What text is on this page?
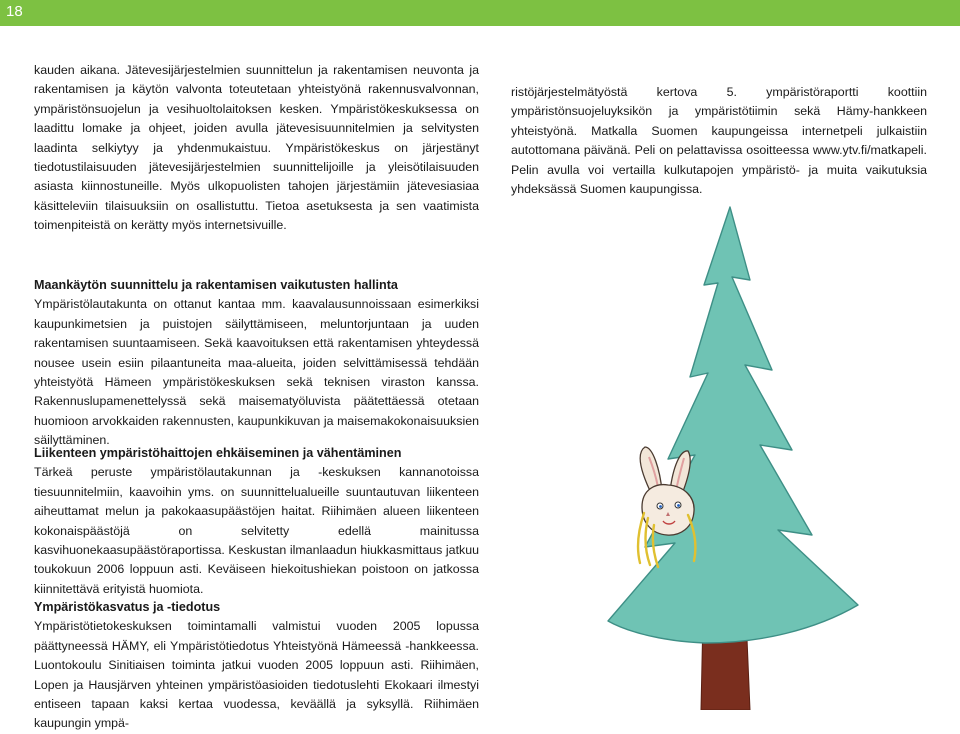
18

kauden aikana. Jätevesijärjestelmien suunnittelun ja rakentamisen neuvonta ja rakentamisen ja käytön valvonta toteutetaan yhteistyönä rakennusvalvonnan, ympäristönsuojelun ja vesihuoltolaitoksen kesken. Ympäristökeskuksessa on laadittu lomake ja ohjeet, joiden avulla jätevesisuunnitelmien ja selvitysten laadinta selkiytyy ja yhdenmukaistuu. Ympäristökeskus on järjestänyt tiedotustilaisuuden jätevesijärjestelmien suunnittelijoille ja yleisötilaisuuden asiasta kiinnostuneille. Myös ulkopuolisten tahojen järjestämiin jätevesiasiaa käsitteleviin tilaisuuksiin on osallistuttu. Tietoa asetuksesta ja sen vaatimista toimenpiteistä on kerätty myös internetsivuille.

Maankäytön suunnittelu ja rakentamisen vaikutusten hallinta

Ympäristölautakunta on ottanut kantaa mm. kaavalausunnoissaan esimerkiksi kaupunkimetsien ja puistojen säilyttämiseen, meluntorjuntaan ja uuden rakentamisen suuntaamiseen. Sekä kaavoituksen että rakentamisen yhteydessä nousee usein esiin pilaantuneita maa-alueita, joiden selvittämisessä tehdään yhteistyötä Hämeen ympäristökeskuksen sekä teknisen viraston kanssa. Rakennuslupamenettelyssä sekä maisematyöluvista päätettäessä otetaan huomioon arvokkaiden rakennusten, kaupunkikuvan ja maisemakokonaisuuksien säilyttäminen.

Liikenteen ympäristöhaittojen ehkäiseminen ja vähentäminen

Tärkeä peruste ympäristölautakunnan ja -keskuksen kannanotoissa tiesuunnitelmiin, kaavoihin yms. on suunnittelualueille suuntautuvan liikenteen aiheuttamat melun ja pakokaasupäästöjen haitat. Riihimäen alueen liikenteen kokonaispäästöjä on selvitetty edellä mainitussa kasvihuonekaasupäästöraportissa. Keskustan ilmanlaadun hiukkasmittaus jatkuu toukokuun 2006 loppuun asti. Keväiseen hiekoitushiekan poistoon on jatkossa kiinnitettävä erityistä huomiota.

Ympäristökasvatus ja -tiedotus

Ympäristötietokeskuksen toimintamalli valmistui vuoden 2005 lopussa päättyneessä HÄMY, eli Ympäristötiedotus Yhteistyönä Hämeessä -hankkeessa. Luontokoulu Sinitiaisen toiminta jatkui vuoden 2005 loppuun asti. Riihimäen, Lopen ja Hausjärven yhteinen ympäristöasioiden tiedotuslehti Ekokaari ilmestyi entiseen tapaan kaksi kertaa vuodessa, keväällä ja syksyllä. Riihimäen kaupungin ympä-

ristöjärjestelmätyöstä kertova 5. ympäristöraportti koottiin ympäristönsuojeluyksikön ja ympäristötiimin sekä Hämy-hankkeen yhteistyönä. Matkalla Suomen kaupungeissa internetpeli julkaistiin autottomana päivänä. Peli on pelattavissa osoitteessa www.ytv.fi/matkapeli. Pelin avulla voi vertailla kulkutapojen ympäristö- ja muita vaikutuksia yhdeksässä Suomen kaupungissa.
